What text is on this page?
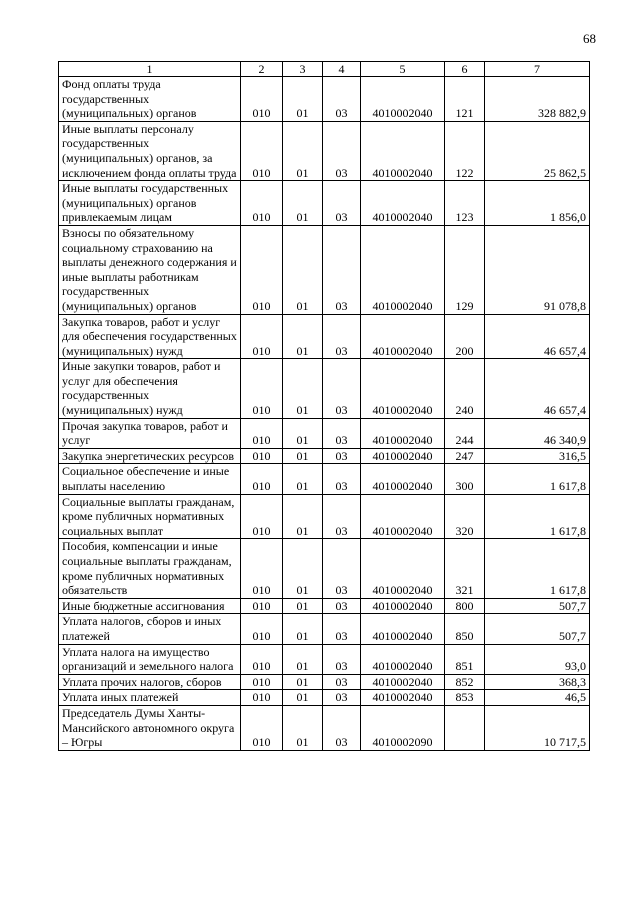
68
1	2	3	4	5	6	7
Фонд оплаты труда государственных (муниципальных) органов	010	01	03	4010002040	121	328 882,9
Иные выплаты персоналу государственных (муниципальных) органов, за исключением фонда оплаты труда	010	01	03	4010002040	122	25 862,5
Иные выплаты государственных (муниципальных) органов привлекаемым лицам	010	01	03	4010002040	123	1 856,0
Взносы по обязательному социальному страхованию на выплаты денежного содержания и иные выплаты работникам государственных (муниципальных) органов	010	01	03	4010002040	129	91 078,8
Закупка товаров, работ и услуг для обеспечения государственных (муниципальных) нужд	010	01	03	4010002040	200	46 657,4
Иные закупки товаров, работ и услуг для обеспечения государственных (муниципальных) нужд	010	01	03	4010002040	240	46 657,4
Прочая закупка товаров, работ и услуг	010	01	03	4010002040	244	46 340,9
Закупка энергетических ресурсов	010	01	03	4010002040	247	316,5
Социальное обеспечение и иные выплаты населению	010	01	03	4010002040	300	1 617,8
Социальные выплаты гражданам, кроме публичных нормативных социальных выплат	010	01	03	4010002040	320	1 617,8
Пособия, компенсации и иные социальные выплаты гражданам, кроме публичных нормативных обязательств	010	01	03	4010002040	321	1 617,8
Иные бюджетные ассигнования	010	01	03	4010002040	800	507,7
Уплата налогов, сборов и иных платежей	010	01	03	4010002040	850	507,7
Уплата налога на имущество организаций и земельного налога	010	01	03	4010002040	851	93,0
Уплата прочих налогов, сборов	010	01	03	4010002040	852	368,3
Уплата иных платежей	010	01	03	4010002040	853	46,5
Председатель Думы Ханты-Мансийского автономного округа – Югры	010	01	03	4010002090		10 717,5
